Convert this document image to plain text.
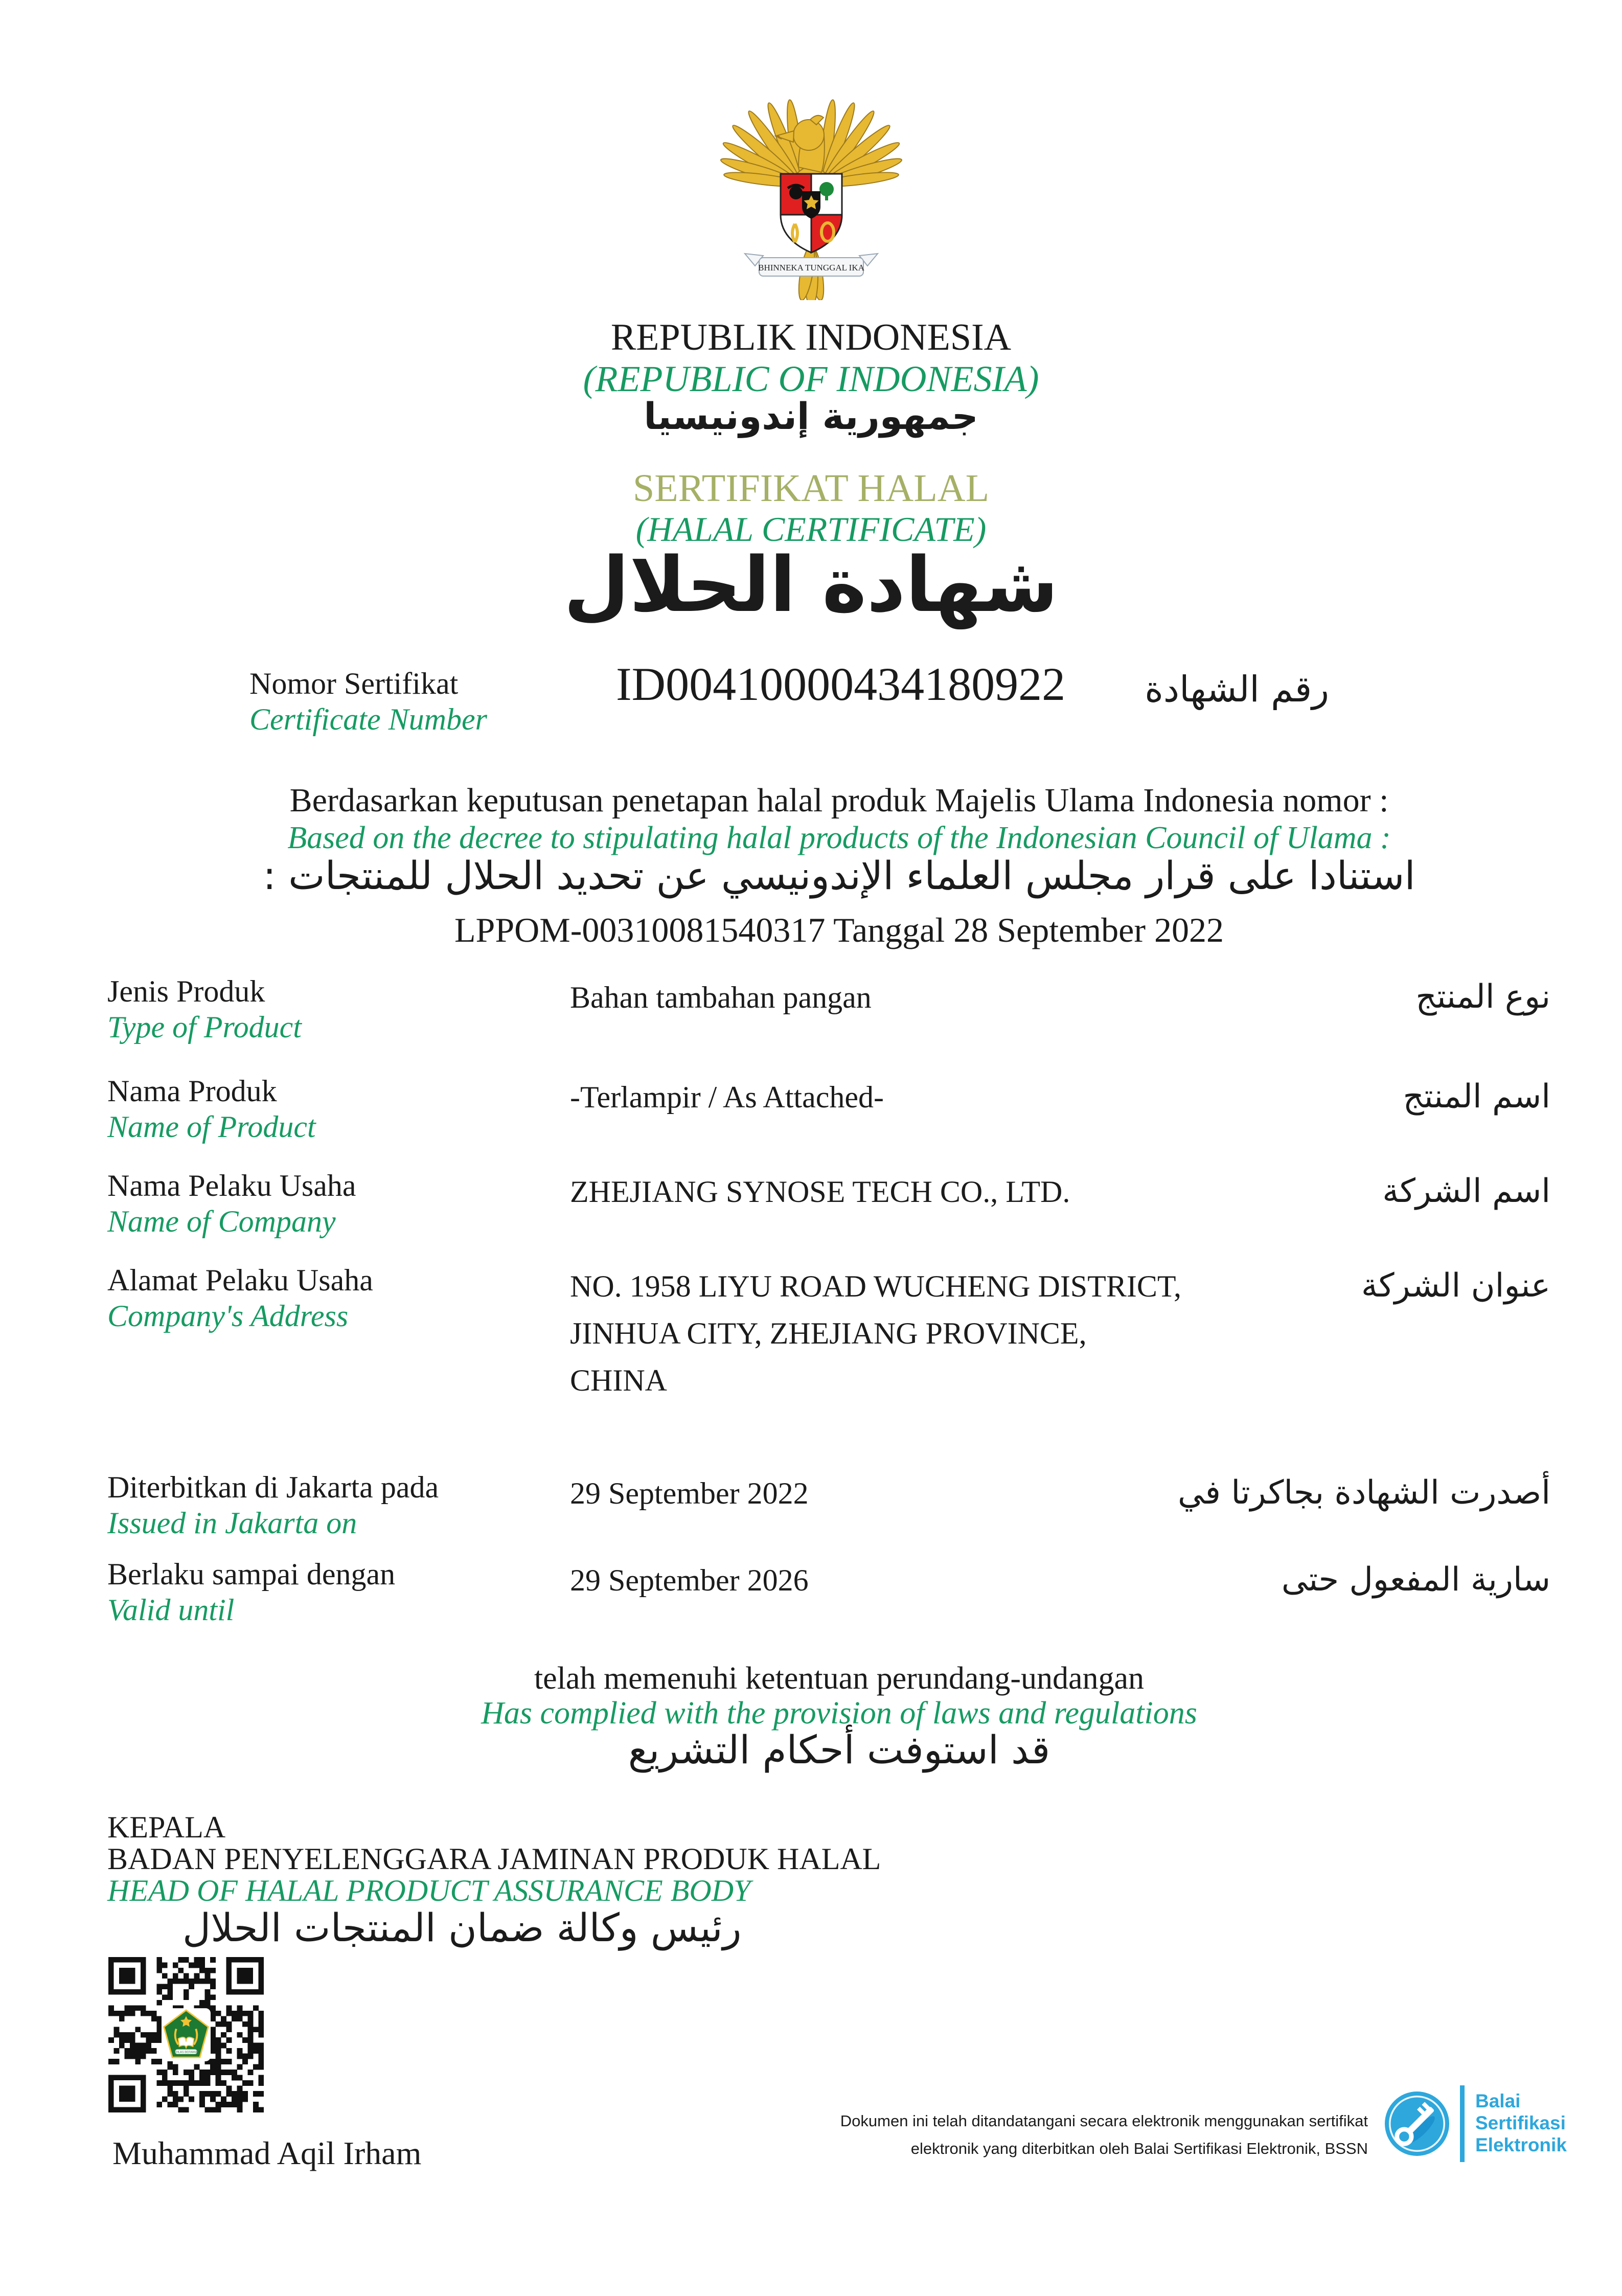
BHINNEKA TUNGGAL IKA
REPUBLIK INDONESIA
(REPUBLIC OF INDONESIA)
جمهورية إندونيسيا
SERTIFIKAT HALAL
(HALAL CERTIFICATE)
شهادة الحلال
Nomor Sertifikat
Certificate Number
ID00410000434180922 رقم الشهادة
Berdasarkan keputusan penetapan halal produk Majelis Ulama Indonesia nomor :
Based on the decree to stipulating halal products of the Indonesian Council of Ulama :
استنادا على قرار مجلس العلماء الإندونيسي عن تحديد الحلال للمنتجات :
LPPOM-00310081540317 Tanggal 28 September 2022
Jenis Produk
Type of Product
Bahan tambahan pangan	نوع المنتج
Nama Produk
Name of Product
-Terlampir / As Attached-	اسم المنتج
Nama Pelaku Usaha
Name of Company
ZHEJIANG SYNOSE TECH CO., LTD.	اسم الشركة
Alamat Pelaku Usaha
Company's Address
NO. 1958 LIYU ROAD WUCHENG DISTRICT,
JINHUA CITY, ZHEJIANG PROVINCE,
CHINA
عنوان الشركة
Diterbitkan di Jakarta pada
Issued in Jakarta on
29 September 2022	أصدرت الشهادة بجاكرتا في
Berlaku sampai dengan
Valid until
29 September 2026	سارية المفعول حتى
telah memenuhi ketentuan perundang-undangan
Has complied with the provision of laws and regulations
قد استوفت أحكام التشريع
KEPALA
BADAN PENYELENGGARA JAMINAN PRODUK HALAL
HEAD OF HALAL PRODUCT ASSURANCE BODY
رئيس وكالة ضمان المنتجات الحلال
IKHLAS BERAMAL
Muhammad Aqil Irham
Dokumen ini telah ditandatangani secara elektronik menggunakan sertifikat
elektronik yang diterbitkan oleh Balai Sertifikasi Elektronik, BSSN
Balai
Sertifikasi
Elektronik
